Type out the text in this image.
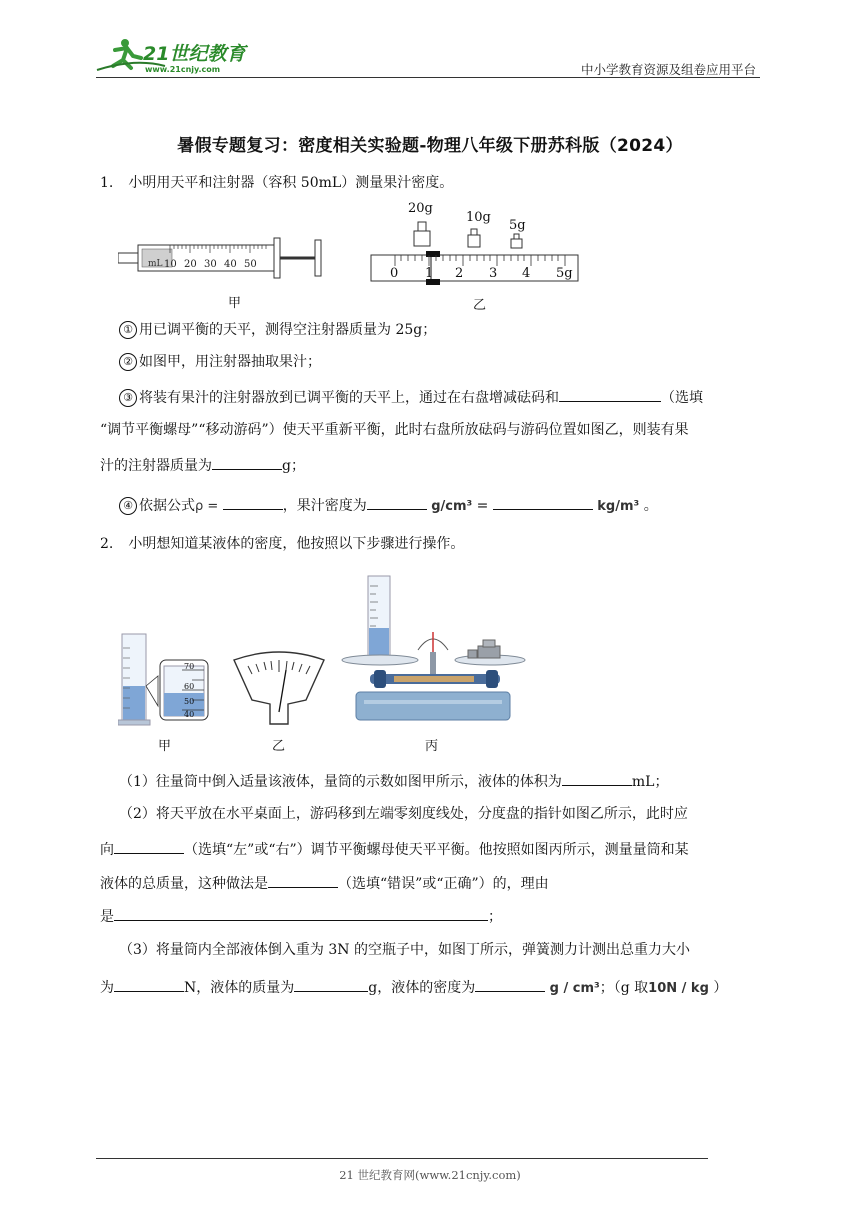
21世纪教育
www.21cnjy.com	中小学教育资源及组卷应用平台
暑假专题复习：密度相关实验题-物理八年级下册苏科版（2024）
1. 小明用天平和注射器（容积 50mL）测量果汁密度。
mL 10 20 30 40 50
甲
20g
10g
5g
0 1 2 3 4 5g
乙
① 用已调平衡的天平，测得空注射器质量为 25g；
② 如图甲，用注射器抽取果汁；
③ 将装有果汁的注射器放到已调平衡的天平上，通过在右盘增减砝码和	（选填
“调节平衡螺母”“移动游码”）使天平重新平衡，此时右盘所放砝码与游码位置如图乙，则装有果
汁的注射器质量为	g；
④ 依据公式ρ =	，果汁密度为	g/cm³ =	kg/m³ 。
2. 小明想知道某液体的密度，他按照以下步骤进行操作。
70
60
50
40
甲	乙	丙
（1）往量筒中倒入适量该液体，量筒的示数如图甲所示，液体的体积为	mL；
（2）将天平放在水平桌面上，游码移到左端零刻度线处，分度盘的指针如图乙所示，此时应
向	（选填“左”或“右”）调节平衡螺母使天平平衡。他按照如图丙所示，测量量筒和某
液体的总质量，这种做法是	（选填“错误”或“正确”）的，理由
是	；
（3）将量筒内全部液体倒入重为 3N 的空瓶子中，如图丁所示，弹簧测力计测出总重力大小
为	N，液体的质量为	g，液体的密度为	g / cm³；（g 取10N / kg ）
21 世纪教育网(www.21cnjy.com)
